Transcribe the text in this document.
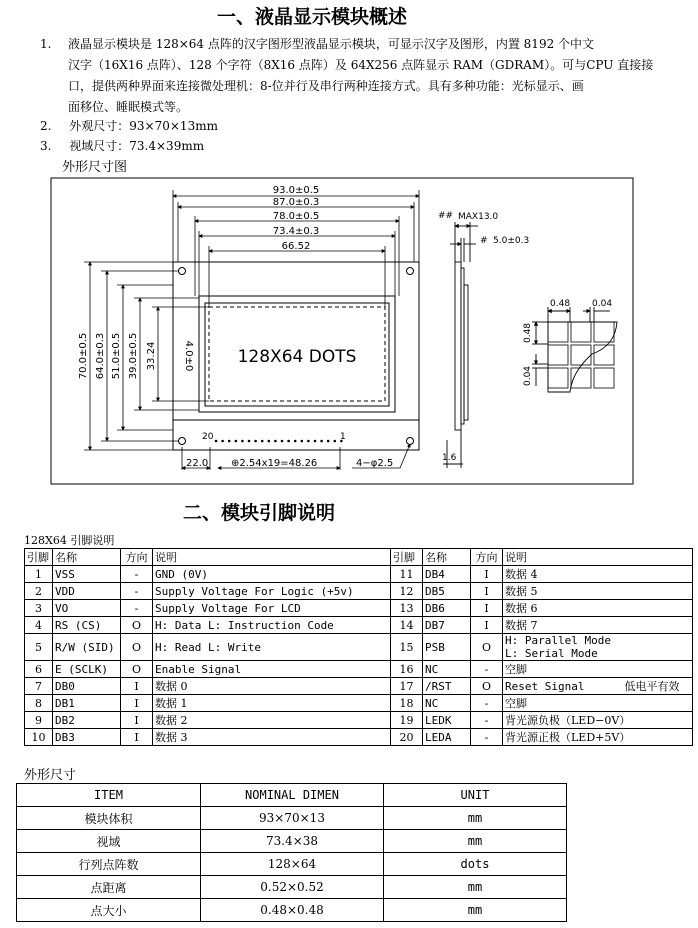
一、液晶显示模块概述
1. 液晶显示模块是 128×64 点阵的汉字图形型液晶显示模块，可显示汉字及图形，内置 8192 个中文
汉字（16X16 点阵）、128 个字符（8X16 点阵）及 64X256 点阵显示 RAM（GDRAM）。可与CPU 直接接
口，提供两种界面来连接微处理机：8-位并行及串行两种连接方式。具有多种功能：光标显示、画
面移位、睡眠模式等。
2. 外观尺寸：93×70×13mm
3. 视域尺寸：73.4×39mm
外形尺寸图
93.0±0.5
87.0±0.3
78.0±0.5
73.4±0.3
66.52
70.0±0.5 64.0±0.3 51.0±0.5 39.0±0.5 33.24	4.0±0	128X64 DOTS
20	1
22.0 ⊕2.54x19=48.26	4−φ2.5
## MAX13.0
# 5.0±0.3
1.6
0.48 0.04
0.48
0.04
二、模块引脚说明
128X64 引脚说明
引脚	名称	方向	说明	引脚	名称	方向	说明
1	VSS	-	GND (0V)	11	DB4	I	数据 4
2	VDD	-	Supply Voltage For Logic (+5v)	12	DB5	I	数据 5
3	VO	-	Supply Voltage For LCD	13	DB6	I	数据 6
4	RS (CS)	O	H: Data L: Instruction Code	14	DB7	I	数据 7
5	R/W (SID)	O	H: Read L: Write	15	PSB	O	H: Parallel Mode
L: Serial Mode

6	E (SCLK)	O	Enable Signal	16	NC	-	空脚
7	DB0	I	数据 0	17	/RST	O	Reset Signal 低电平有效
8	DB1	I	数据 1	18	NC	-	空脚
9	DB2	I	数据 2	19	LEDK	-	背光源负极（LED−0V）
10	DB3	I	数据 3	20	LEDA	-	背光源正极（LED+5V）
外形尺寸
ITEM	NOMINAL DIMEN	UNIT
模块体积	93×70×13	mm
视域	73.4×38	mm
行列点阵数	128×64	dots
点距离	0.52×0.52	mm
点大小	0.48×0.48	mm
